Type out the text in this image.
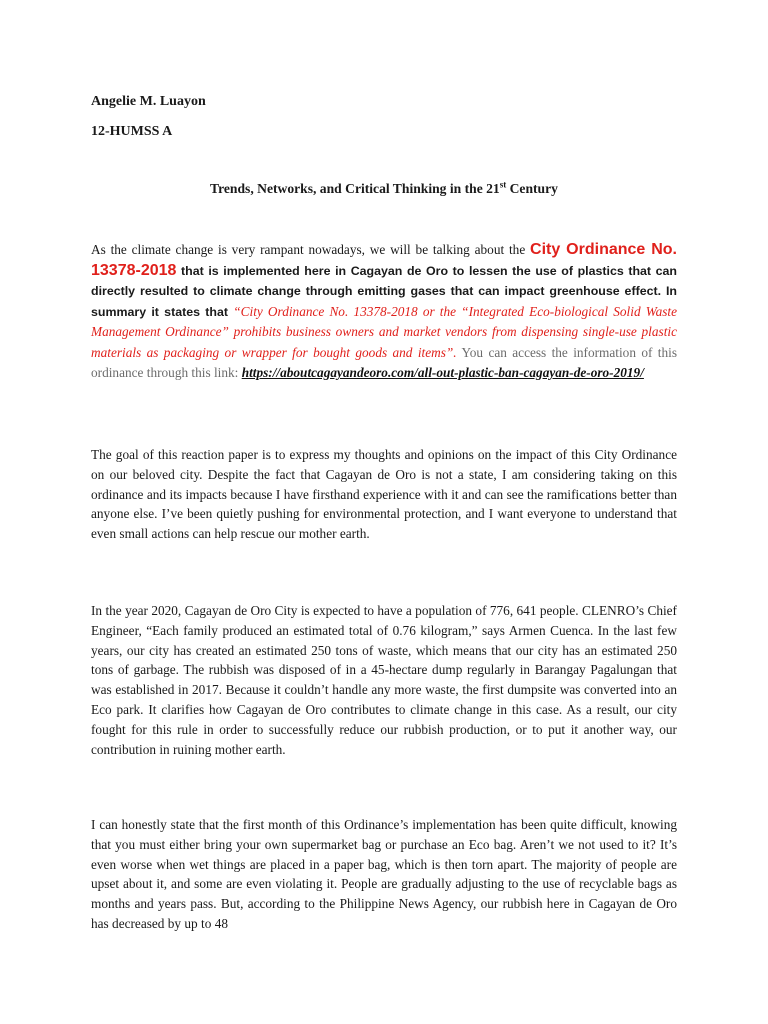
Angelie M. Luayon
12-HUMSS A
Trends, Networks, and Critical Thinking in the 21st Century

As the climate change is very rampant nowadays, we will be talking about the City Ordinance No. 13378-2018 that is implemented here in Cagayan de Oro to lessen the use of plastics that can directly resulted to climate change through emitting gases that can impact greenhouse effect. In summary it states that “City Ordinance No. 13378-2018 or the “Integrated Eco-biological Solid Waste Management Ordinance” prohibits business owners and market vendors from dispensing single-use plastic materials as packaging or wrapper for bought goods and items”. You can access the information of this ordinance through this link: https://aboutcagayandeoro.com/all-out-plastic-ban-cagayan-de-oro-2019/

The goal of this reaction paper is to express my thoughts and opinions on the impact of this City Ordinance on our beloved city. Despite the fact that Cagayan de Oro is not a state, I am considering taking on this ordinance and its impacts because I have firsthand experience with it and can see the ramifications better than anyone else. I’ve been quietly pushing for environmental protection, and I want everyone to understand that even small actions can help rescue our mother earth.

In the year 2020, Cagayan de Oro City is expected to have a population of 776, 641 people. CLENRO’s Chief Engineer, “Each family produced an estimated total of 0.76 kilogram,” says Armen Cuenca. In the last few years, our city has created an estimated 250 tons of waste, which means that our city has an estimated 250 tons of garbage. The rubbish was disposed of in a 45-hectare dump regularly in Barangay Pagalungan that was established in 2017. Because it couldn’t handle any more waste, the first dumpsite was converted into an Eco park. It clarifies how Cagayan de Oro contributes to climate change in this case. As a result, our city fought for this rule in order to successfully reduce our rubbish production, or to put it another way, our contribution in ruining mother earth.

I can honestly state that the first month of this Ordinance’s implementation has been quite difficult, knowing that you must either bring your own supermarket bag or purchase an Eco bag. Aren’t we not used to it? It’s even worse when wet things are placed in a paper bag, which is then torn apart. The majority of people are upset about it, and some are even violating it. People are gradually adjusting to the use of recyclable bags as months and years pass. But, according to the Philippine News Agency, our rubbish here in Cagayan de Oro has decreased by up to 48
